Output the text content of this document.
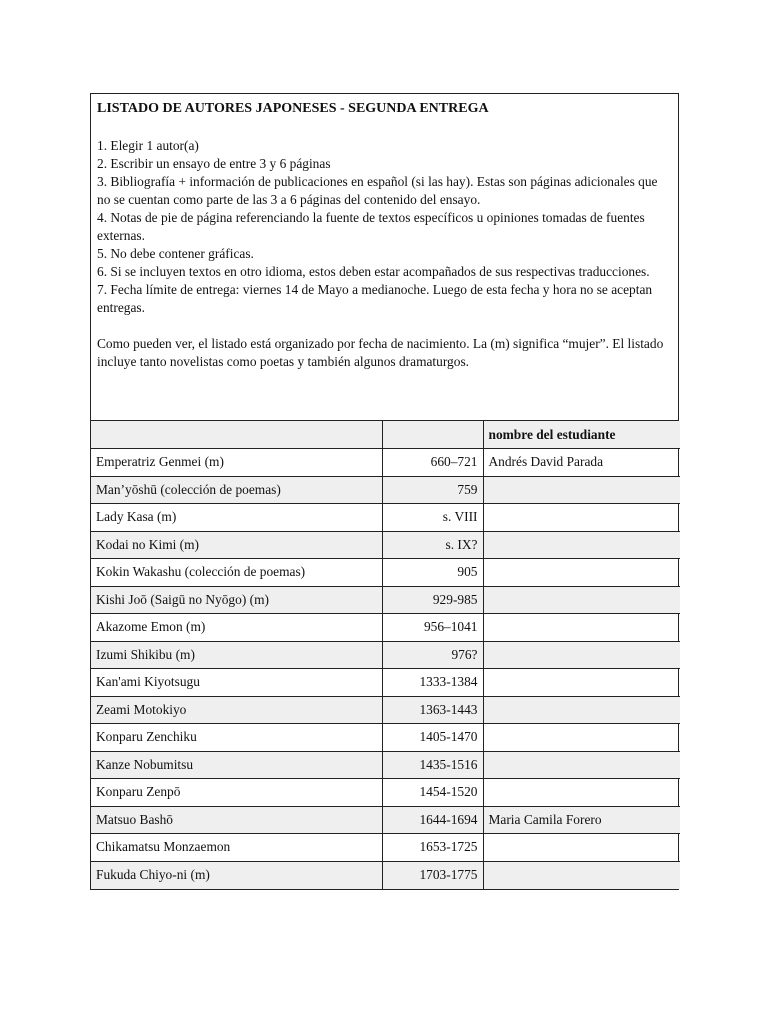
LISTADO DE AUTORES JAPONESES - SEGUNDA ENTREGA
1. Elegir 1 autor(a)
2. Escribir un ensayo de entre 3 y 6 páginas
3. Bibliografía + información de publicaciones en español (si las hay). Estas son páginas adicionales que no se cuentan como parte de las 3 a 6 páginas del contenido del ensayo.
4. Notas de pie de página referenciando la fuente de textos específicos u opiniones tomadas de fuentes externas.
5. No debe contener gráficas.
6. Si se incluyen textos en otro idioma, estos deben estar acompañados de sus respectivas traducciones.
7. Fecha límite de entrega: viernes 14 de Mayo a medianoche. Luego de esta fecha y hora no se aceptan entregas.

Como pueden ver, el listado está organizado por fecha de nacimiento. La (m) significa “mujer”. El listado incluye tanto novelistas como poetas y también algunos dramaturgos.

		nombre del estudiante
Emperatriz Genmei (m)	660–721	Andrés David Parada
Man’yōshū (colección de poemas)	759	
Lady Kasa (m)	s. VIII	
Kodai no Kimi (m)	s. IX?	
Kokin Wakashu (colección de poemas)	905	
Kishi Joō (Saigū no Nyōgo) (m)	929-985	
Akazome Emon (m)	956–1041	
Izumi Shikibu (m)	976?	
Kan'ami Kiyotsugu	1333-1384	
Zeami Motokiyo	1363-1443	
Konparu Zenchiku	1405-1470	
Kanze Nobumitsu	1435-1516	
Konparu Zenpō	1454-1520	
Matsuo Bashō	1644-1694	Maria Camila Forero
Chikamatsu Monzaemon	1653-1725	
Fukuda Chiyo-ni (m)	1703-1775	
